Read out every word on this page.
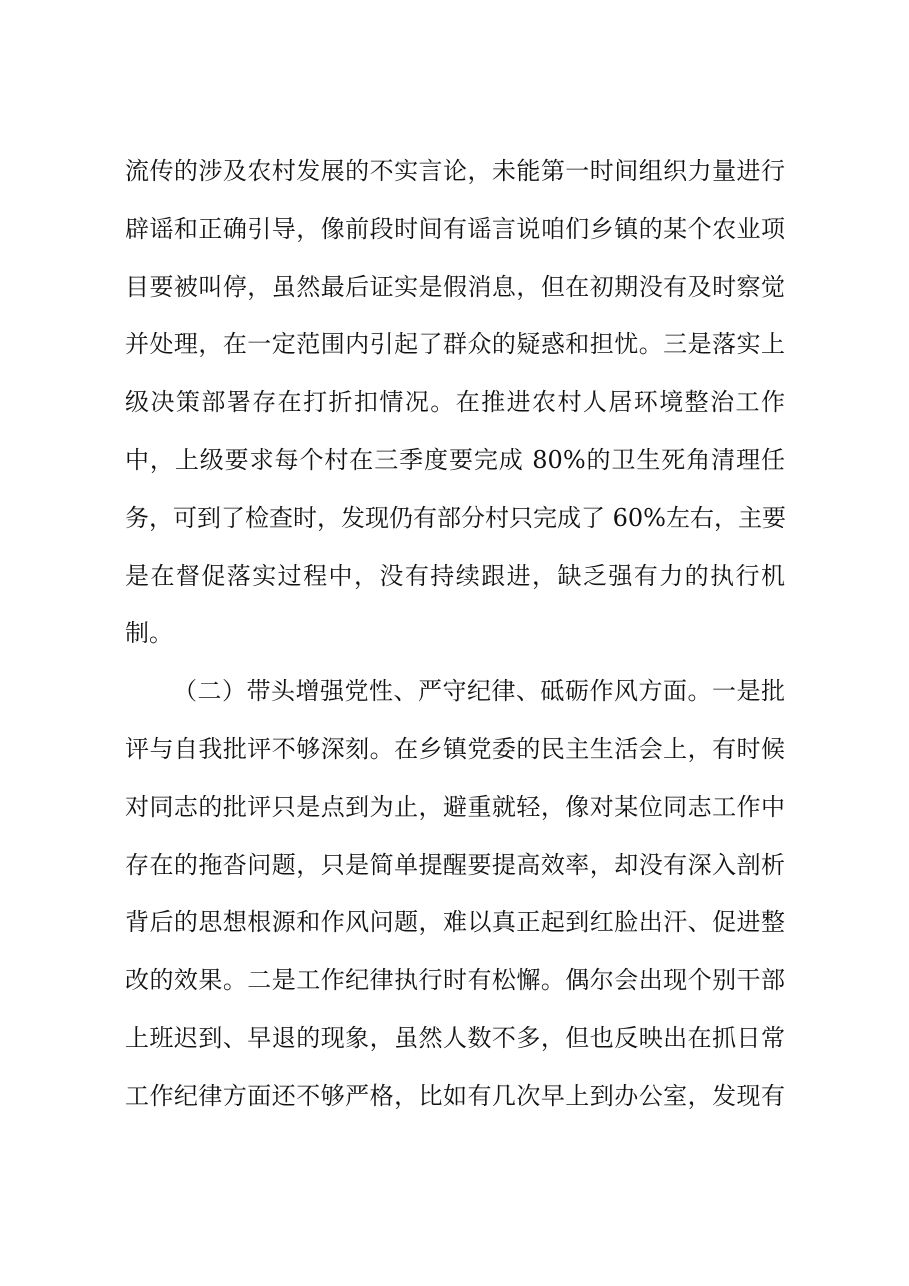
流传的涉及农村发展的不实言论，未能第一时间组织力量进行
辟谣和正确引导，像前段时间有谣言说咱们乡镇的某个农业项
目要被叫停，虽然最后证实是假消息，但在初期没有及时察觉
并处理，在一定范围内引起了群众的疑惑和担忧。三是落实上
级决策部署存在打折扣情况。在推进农村人居环境整治工作
中，上级要求每个村在三季度要完成 80%的卫生死角清理任
务，可到了检查时，发现仍有部分村只完成了 60%左右，主要
是在督促落实过程中，没有持续跟进，缺乏强有力的执行机
制。
（二）带头增强党性、严守纪律、砥砺作风方面。一是批
评与自我批评不够深刻。在乡镇党委的民主生活会上，有时候
对同志的批评只是点到为止，避重就轻，像对某位同志工作中
存在的拖沓问题，只是简单提醒要提高效率，却没有深入剖析
背后的思想根源和作风问题，难以真正起到红脸出汗、促进整
改的效果。二是工作纪律执行时有松懈。偶尔会出现个别干部
上班迟到、早退的现象，虽然人数不多，但也反映出在抓日常
工作纪律方面还不够严格，比如有几次早上到办公室，发现有
